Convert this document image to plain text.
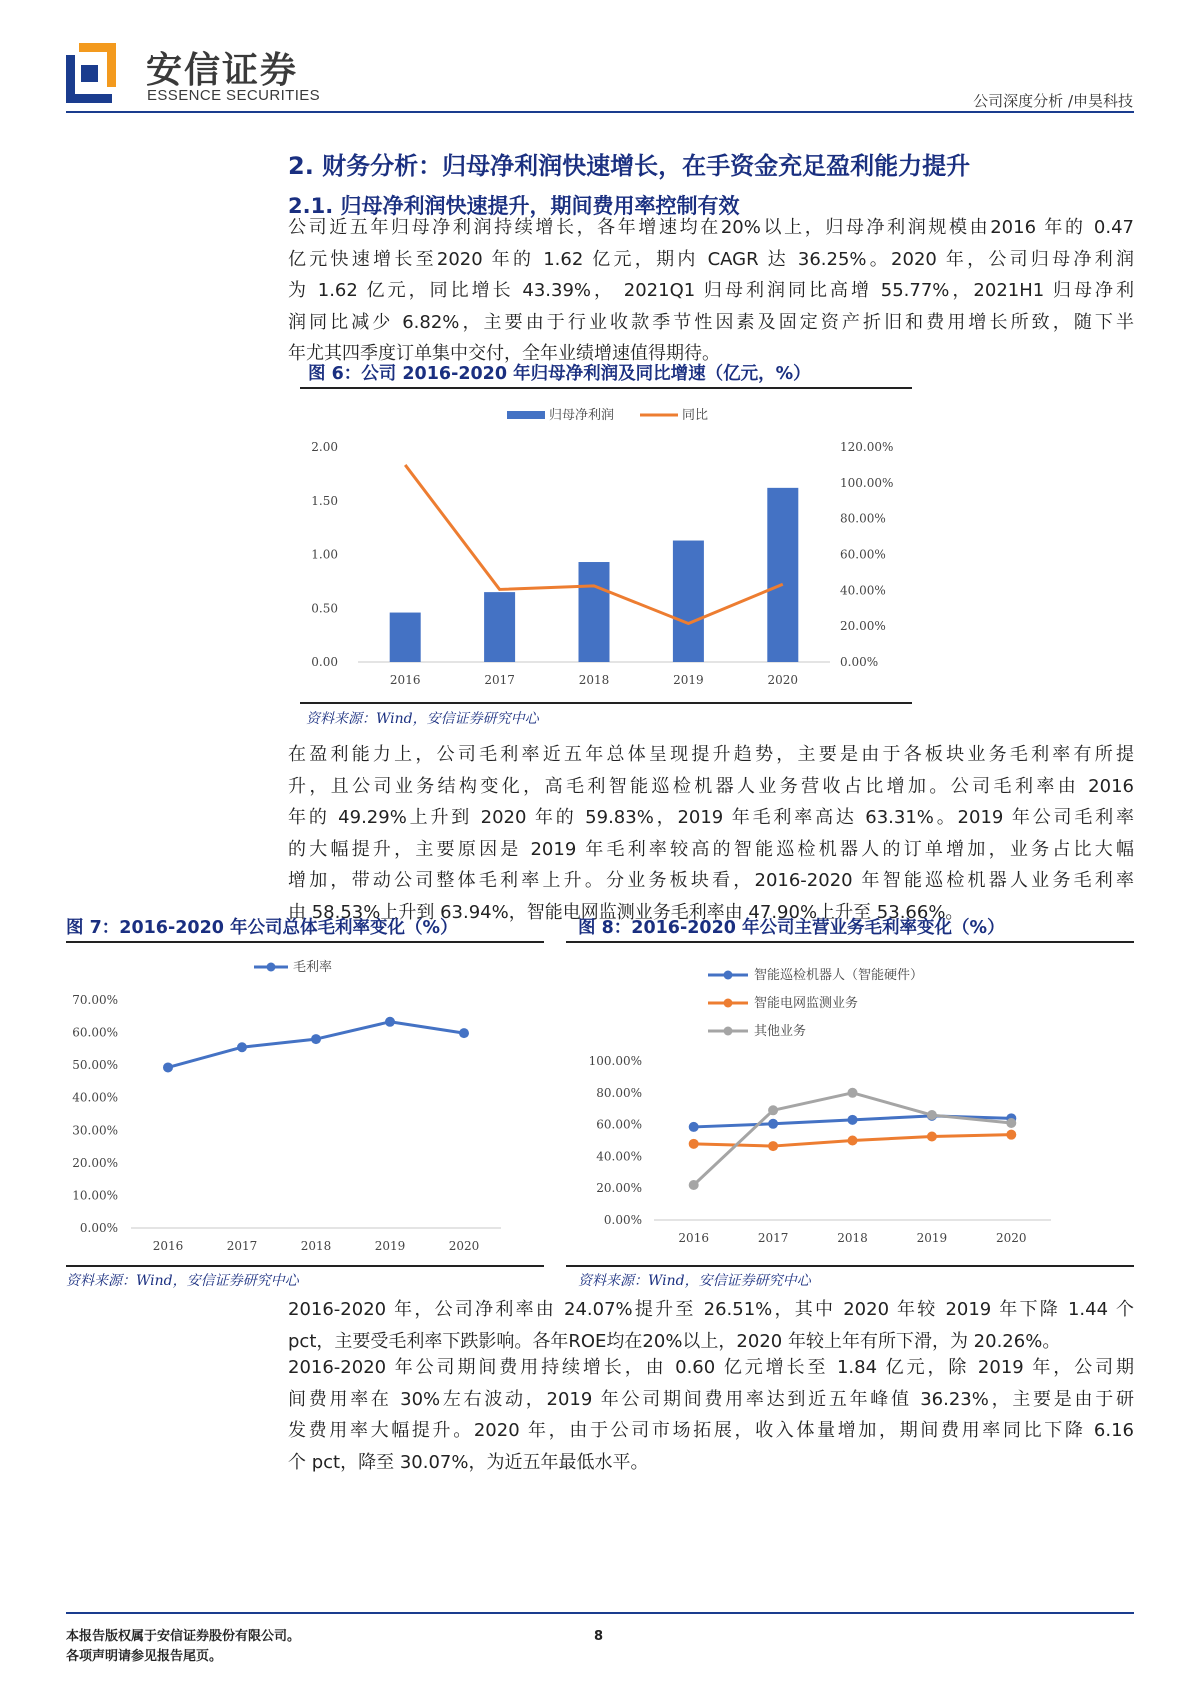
安信证券
ESSENCE SECURITIES	公司深度分析 /申昊科技
2. 财务分析：归母净利润快速增长，在手资金充足盈利能力提升
2.1. 归母净利润快速提升，期间费用率控制有效
公司近五年归母净利润持续增长，各年增速均在20%以上，归母净利润规模由2016 年的 0.47
亿元快速增长至2020 年的 1.62 亿元，期内 CAGR 达 36.25%。2020 年，公司归母净利润
为 1.62 亿元，同比增长 43.39%， 2021Q1 归母利润同比高增 55.77%，2021H1 归母净利
润同比减少 6.82%，主要由于行业收款季节性因素及固定资产折旧和费用增长所致，随下半
年尤其四季度订单集中交付，全年业绩增速值得期待。
图 6：公司 2016-2020 年归母净利润及同比增速（亿元，%）
归母净利润	同比
0.00
0.50
1.00
1.50
2.00
0.00%
20.00%
40.00%
60.00%
80.00%
100.00%
120.00%
2016	2017	2018	2019	2020
资料来源：Wind，安信证券研究中心
在盈利能力上，公司毛利率近五年总体呈现提升趋势，主要是由于各板块业务毛利率有所提
升，且公司业务结构变化，高毛利智能巡检机器人业务营收占比增加。公司毛利率由 2016
年的 49.29%上升到 2020 年的 59.83%，2019 年毛利率高达 63.31%。2019 年公司毛利率
的大幅提升，主要原因是 2019 年毛利率较高的智能巡检机器人的订单增加，业务占比大幅
增加，带动公司整体毛利率上升。分业务板块看，2016-2020 年智能巡检机器人业务毛利率
由 58.53%上升到 63.94%，智能电网监测业务毛利率由 47.90%上升至 53.66%。
图 7：2016-2020 年公司总体毛利率变化（%）
0.00%
10.00%
20.00%
30.00%
40.00%
50.00%
60.00%
70.00%
2016	2017	2018	2019	2020
毛利率
资料来源：Wind，安信证券研究中心
图 8：2016-2020 年公司主营业务毛利率变化（%）
0.00%
20.00%
40.00%
60.00%
80.00%
100.00%
2016	2017	2018	2019	2020
智能巡检机器人（智能硬件）
智能电网监测业务
其他业务
资料来源：Wind，安信证券研究中心
2016-2020 年，公司净利率由 24.07%提升至 26.51%，其中 2020 年较 2019 年下降 1.44 个
pct，主要受毛利率下跌影响。各年ROE均在20%以上，2020 年较上年有所下滑，为 20.26%。
2016-2020 年公司期间费用持续增长，由 0.60 亿元增长至 1.84 亿元，除 2019 年，公司期
间费用率在 30%左右波动，2019 年公司期间费用率达到近五年峰值 36.23%，主要是由于研
发费用率大幅提升。2020 年，由于公司市场拓展，收入体量增加，期间费用率同比下降 6.16
个 pct，降至 30.07%，为近五年最低水平。
本报告版权属于安信证券股份有限公司。
各项声明请参见报告尾页。
8
